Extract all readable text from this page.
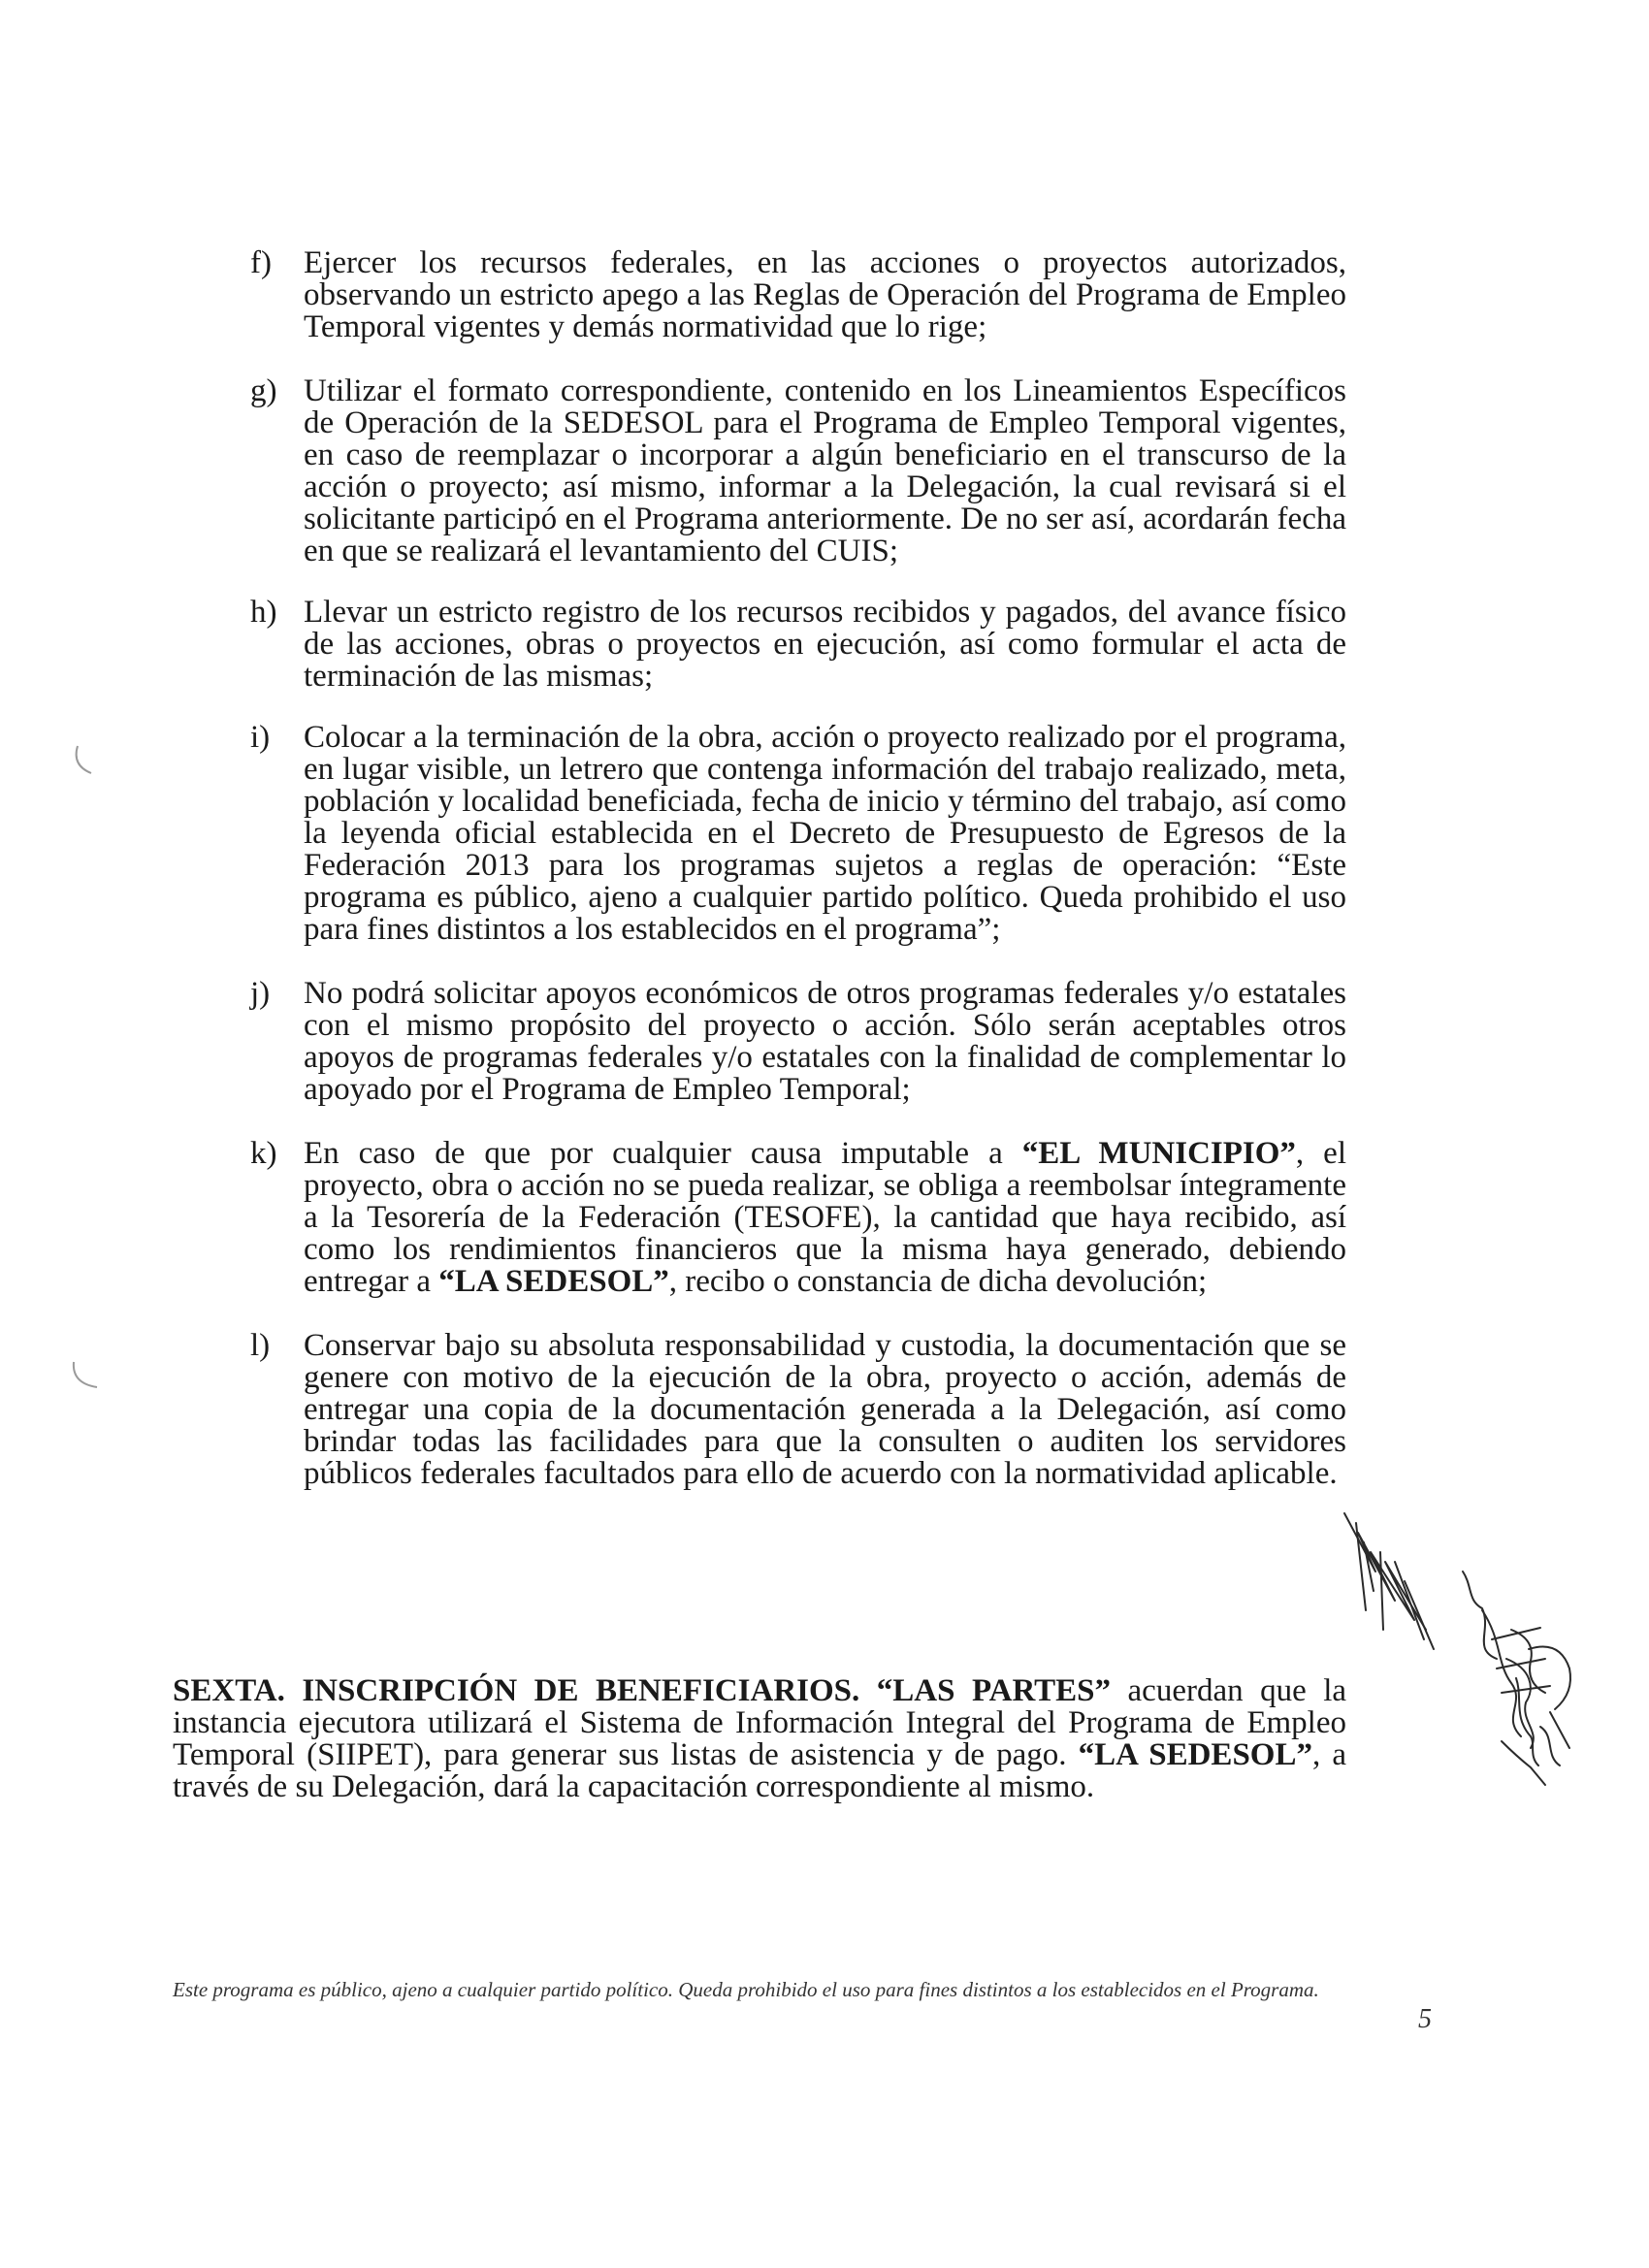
f) Ejercer los recursos federales, en las acciones o proyectos autorizados, observando un estricto apego a las Reglas de Operación del Programa de Empleo Temporal vigentes y demás normatividad que lo rige;
g) Utilizar el formato correspondiente, contenido en los Lineamientos Específicos de Operación de la SEDESOL para el Programa de Empleo Temporal vigentes, en caso de reemplazar o incorporar a algún beneficiario en el transcurso de la acción o proyecto; así mismo, informar a la Delegación, la cual revisará si el solicitante participó en el Programa anteriormente. De no ser así, acordarán fecha en que se realizará el levantamiento del CUIS;
h) Llevar un estricto registro de los recursos recibidos y pagados, del avance físico de las acciones, obras o proyectos en ejecución, así como formular el acta de terminación de las mismas;
i) Colocar a la terminación de la obra, acción o proyecto realizado por el programa, en lugar visible, un letrero que contenga información del trabajo realizado, meta, población y localidad beneficiada, fecha de inicio y término del trabajo, así como la leyenda oficial establecida en el Decreto de Presupuesto de Egresos de la Federación 2013 para los programas sujetos a reglas de operación: “Este programa es público, ajeno a cualquier partido político. Queda prohibido el uso para fines distintos a los establecidos en el programa”;
j) No podrá solicitar apoyos económicos de otros programas federales y/o estatales con el mismo propósito del proyecto o acción. Sólo serán aceptables otros apoyos de programas federales y/o estatales con la finalidad de complementar lo apoyado por el Programa de Empleo Temporal;
k) En caso de que por cualquier causa imputable a “EL MUNICIPIO”, el proyecto, obra o acción no se pueda realizar, se obliga a reembolsar íntegramente a la Tesorería de la Federación (TESOFE), la cantidad que haya recibido, así como los rendimientos financieros que la misma haya generado, debiendo entregar a “LA SEDESOL”, recibo o constancia de dicha devolución;
l) Conservar bajo su absoluta responsabilidad y custodia, la documentación que se genere con motivo de la ejecución de la obra, proyecto o acción, además de entregar una copia de la documentación generada a la Delegación, así como brindar todas las facilidades para que la consulten o auditen los servidores públicos federales facultados para ello de acuerdo con la normatividad aplicable.
SEXTA. INSCRIPCIÓN DE BENEFICIARIOS. “LAS PARTES” acuerdan que la instancia ejecutora utilizará el Sistema de Información Integral del Programa de Empleo Temporal (SIIPET), para generar sus listas de asistencia y de pago. “LA SEDESOL”, a través de su Delegación, dará la capacitación correspondiente al mismo.
Este programa es público, ajeno a cualquier partido político. Queda prohibido el uso para fines distintos a los establecidos en el Programa.
5
